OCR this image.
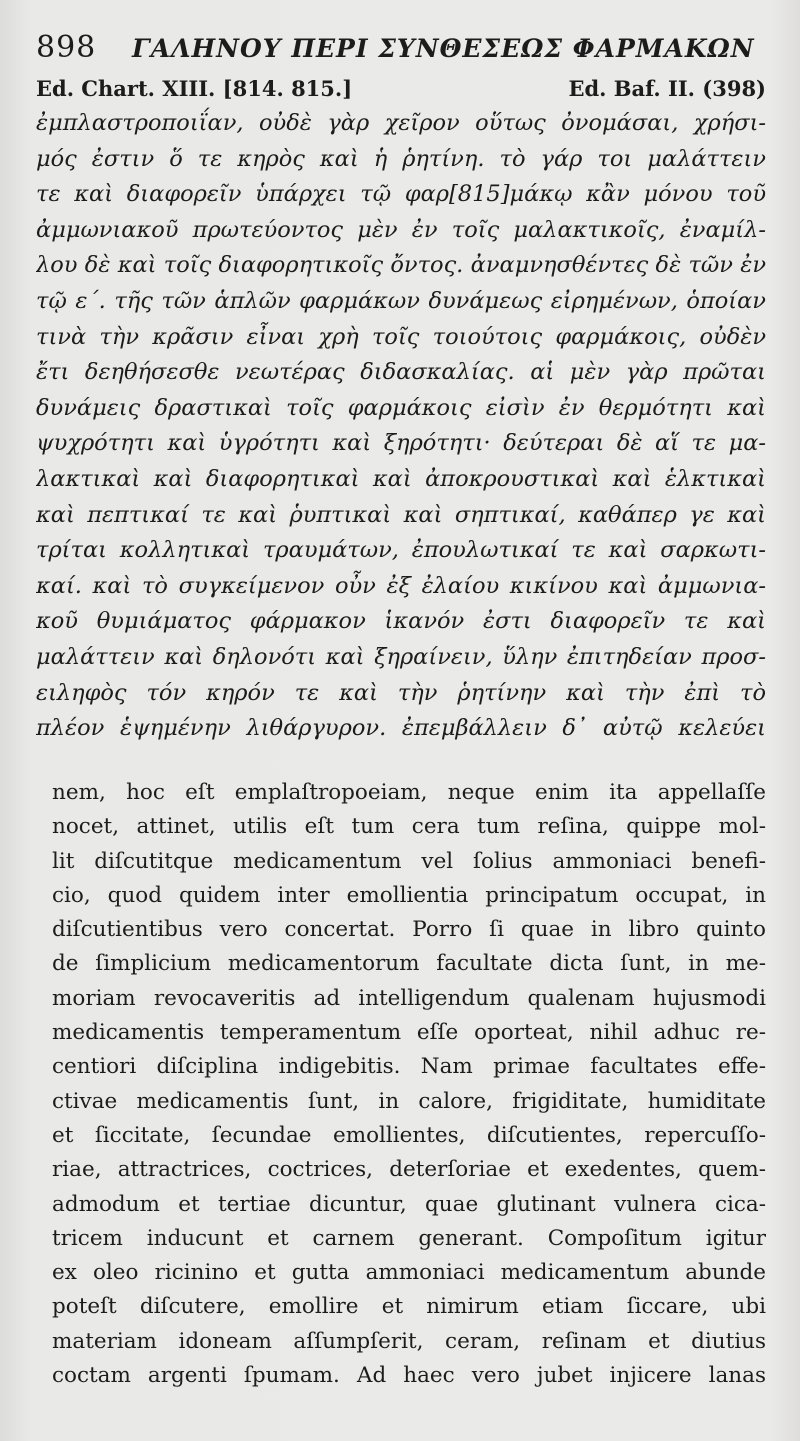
898 ΓΑΛΗΝΟΥ ΠΕΡΙ ΣΥΝΘΕΣΕΩΣ ΦΑΡΜΑΚΩΝ
Ed. Chart. XIII. [814. 815.]	Ed. Baf. II. (398)
ἐμπλαστροποιΐαν, οὐδὲ γὰρ χεῖρον οὕτως ὀνομάσαι, χρήσι-
μός ἐστιν ὅ τε κηρὸς καὶ ἡ ῥητίνη. τὸ γάρ τοι μαλάττειν
τε καὶ διαφορεῖν ὑπάρχει τῷ φαρ[815]μάκῳ κἂν μόνου τοῦ
ἀμμωνιακοῦ πρωτεύοντος μὲν ἐν τοῖς μαλακτικοῖς, ἐναμίλ-
λου δὲ καὶ τοῖς διαφορητικοῖς ὄντος. ἀναμνησθέντες δὲ τῶν ἐν
τῷ ε΄. τῆς τῶν ἁπλῶν φαρμάκων δυνάμεως εἰρημένων, ὁποίαν
τινὰ τὴν κρᾶσιν εἶναι χρὴ τοῖς τοιούτοις φαρμάκοις, οὐδὲν
ἔτι δεηθήσεσθε νεωτέρας διδασκαλίας. αἱ μὲν γὰρ πρῶται
δυνάμεις δραστικαὶ τοῖς φαρμάκοις εἰσὶν ἐν θερμότητι καὶ
ψυχρότητι καὶ ὑγρότητι καὶ ξηρότητι· δεύτεραι δὲ αἵ τε μα-
λακτικαὶ καὶ διαφορητικαὶ καὶ ἀποκρουστικαὶ καὶ ἑλκτικαὶ
καὶ πεπτικαί τε καὶ ῥυπτικαὶ καὶ σηπτικαί, καθάπερ γε καὶ
τρίται κολλητικαὶ τραυμάτων, ἐπουλωτικαί τε καὶ σαρκωτι-
καί. καὶ τὸ συγκείμενον οὖν ἐξ ἐλαίου κικίνου καὶ ἀμμωνια-
κοῦ θυμιάματος φάρμακον ἱκανόν ἐστι διαφορεῖν τε καὶ
μαλάττειν καὶ δηλονότι καὶ ξηραίνειν, ὕλην ἐπιτηδείαν προσ-
ειληφὸς τόν κηρόν τε καὶ τὴν ῥητίνην καὶ τὴν ἐπὶ τὸ
πλέον ἑψημένην λιθάργυρον. ἐπεμβάλλειν δ᾽ αὐτῷ κελεύει
nem, hoc eſt emplaſtropoeiam, neque enim ita appellaſſe
nocet, attinet, utilis eſt tum cera tum reſina, quippe mol-
lit diſcutitque medicamentum vel ſolius ammoniaci benefi-
cio, quod quidem inter emollientia principatum occupat, in
diſcutientibus vero concertat. Porro ſi quae in libro quinto
de ſimplicium medicamentorum facultate dicta ſunt, in me-
moriam revocaveritis ad intelligendum qualenam hujusmodi
medicamentis temperamentum eſſe oporteat, nihil adhuc re-
centiori diſciplina indigebitis. Nam primae facultates effe-
ctivae medicamentis ſunt, in calore, frigiditate, humiditate
et ſiccitate, ſecundae emollientes, diſcutientes, repercuſſo-
riae, attractrices, coctrices, deterſoriae et exedentes, quem-
admodum et tertiae dicuntur, quae glutinant vulnera cica-
tricem inducunt et carnem generant. Compoſitum igitur
ex oleo ricinino et gutta ammoniaci medicamentum abunde
poteſt diſcutere, emollire et nimirum etiam ſiccare, ubi
materiam idoneam aſſumpſerit, ceram, reſinam et diutius
coctam argenti ſpumam. Ad haec vero jubet injicere lanas
